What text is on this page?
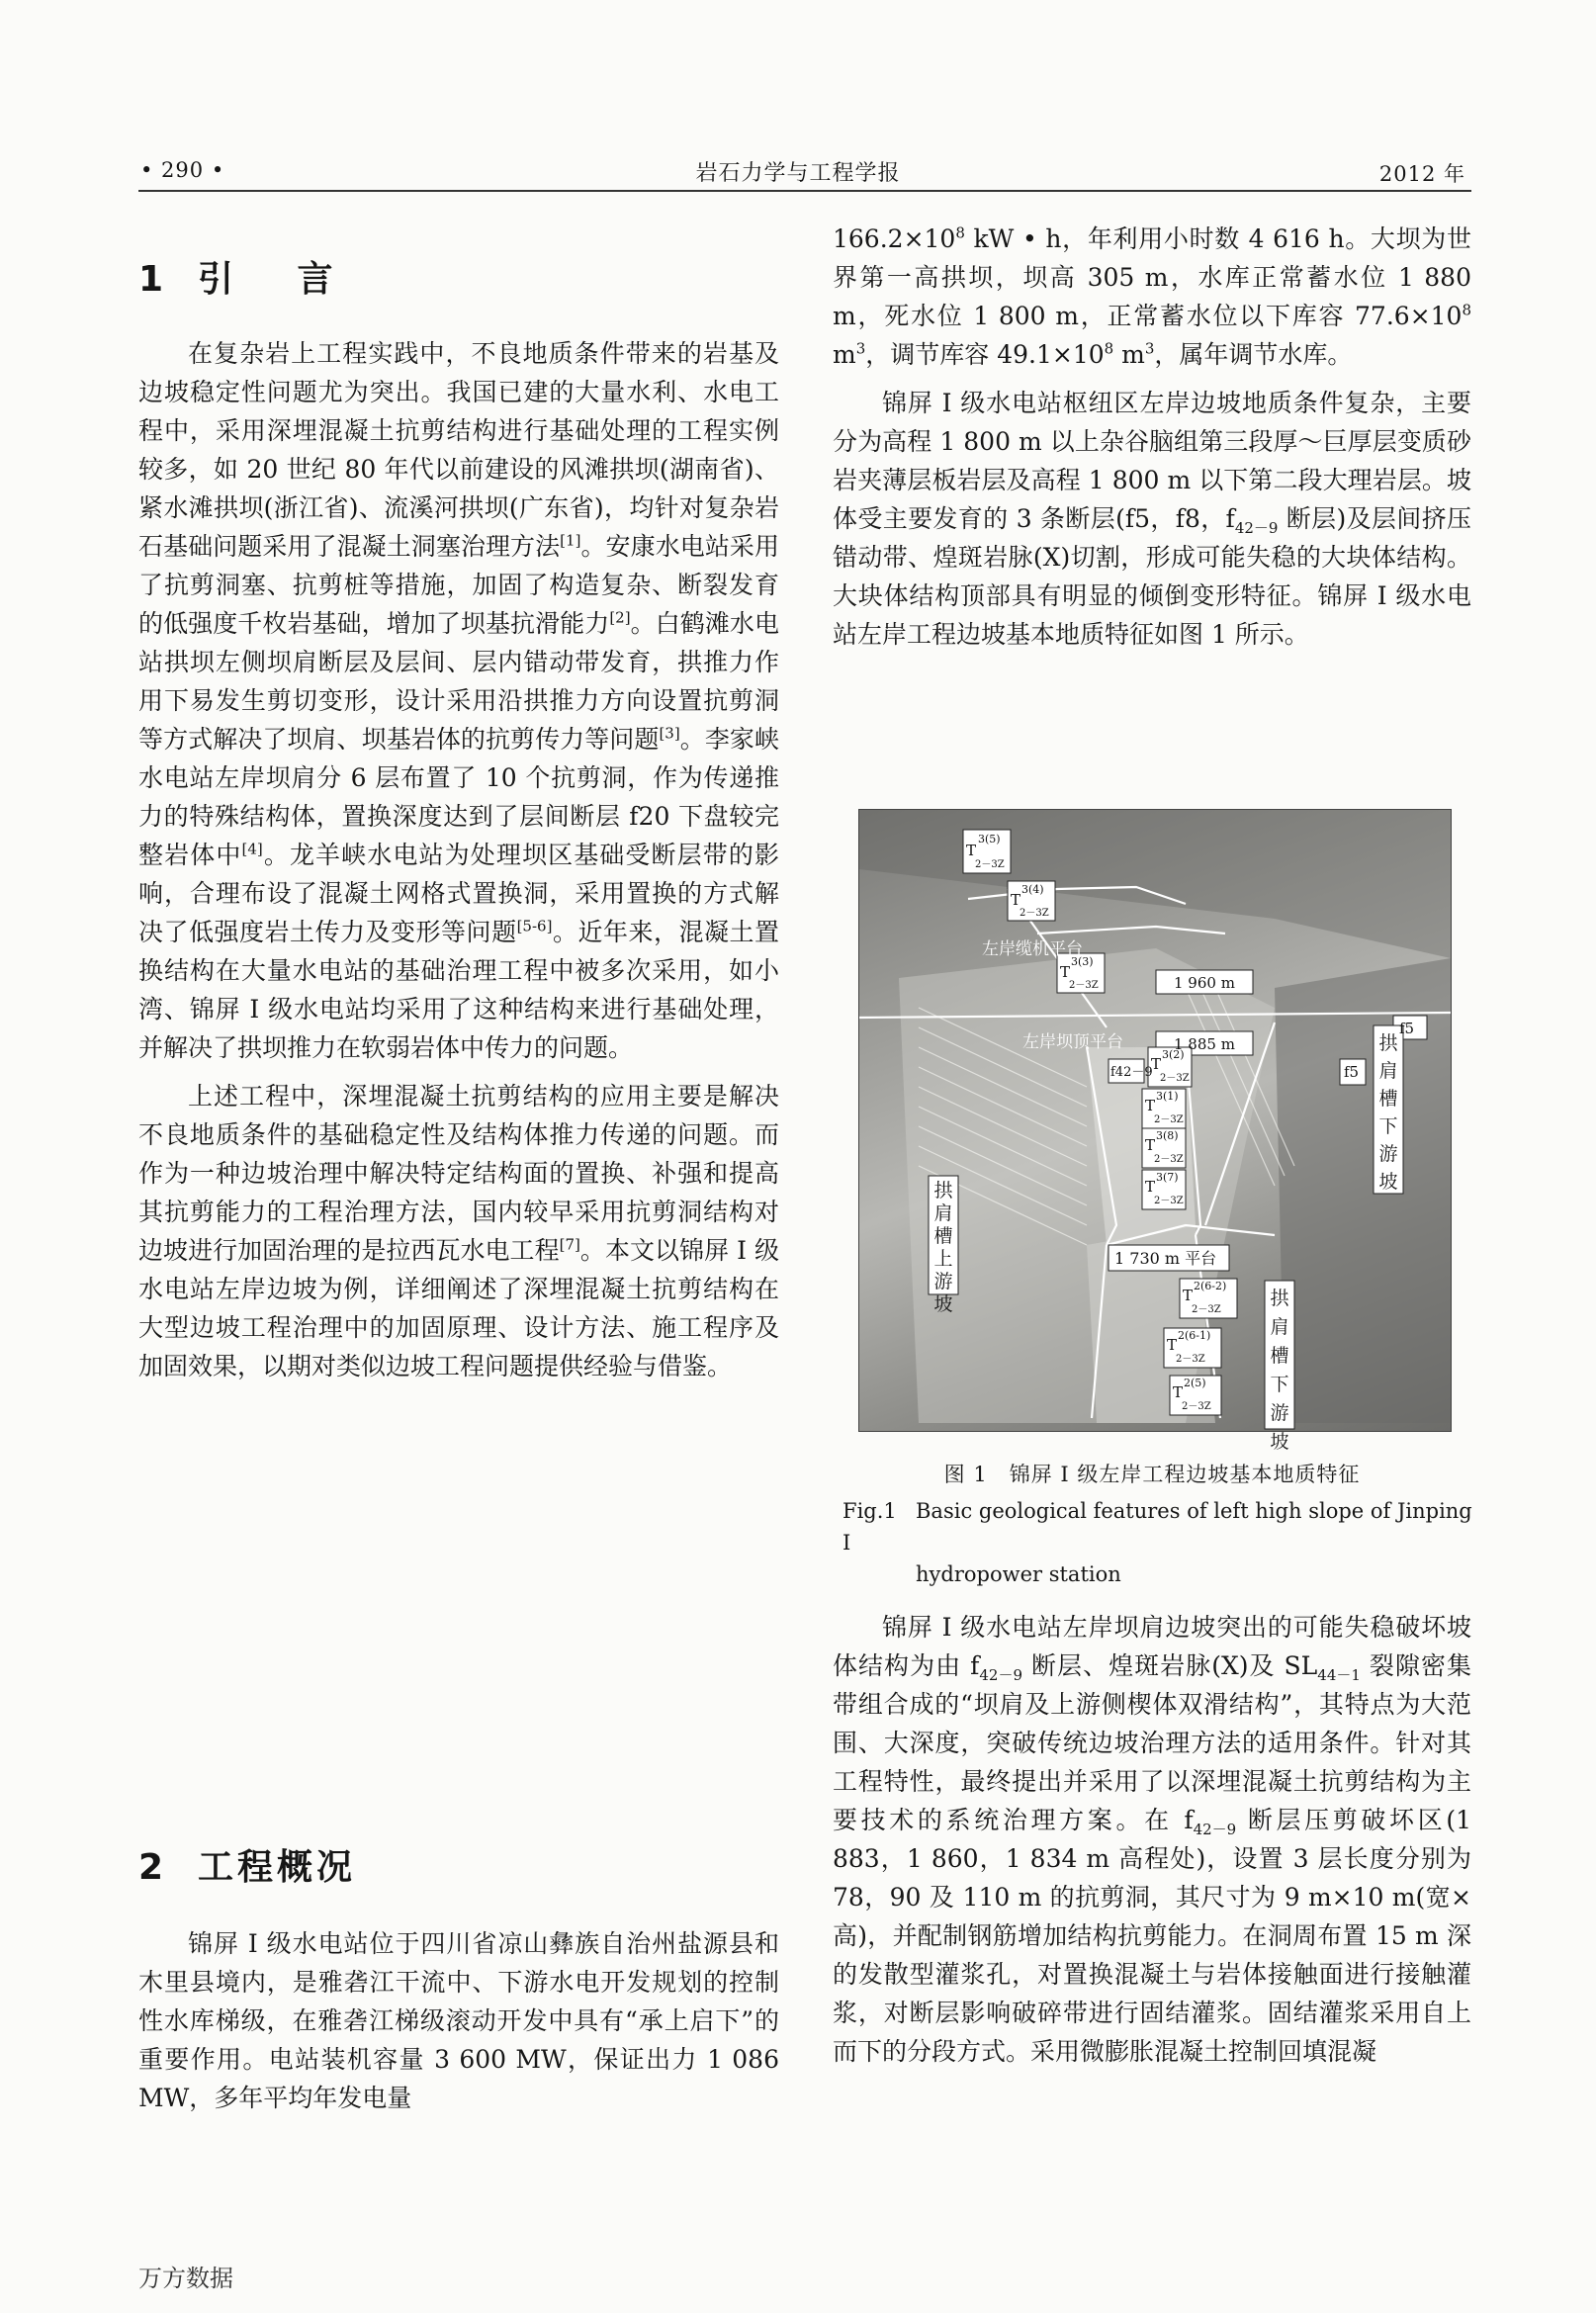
• 290 •	岩石力学与工程学报	2012 年
1 引 言

在复杂岩上工程实践中，不良地质条件带来的岩基及边坡稳定性问题尤为突出。我国已建的大量水利、水电工程中，采用深埋混凝土抗剪结构进行基础处理的工程实例较多，如 20 世纪 80 年代以前建设的风滩拱坝(湖南省)、紧水滩拱坝(浙江省)、流溪河拱坝(广东省)，均针对复杂岩石基础问题采用了混凝土洞塞治理方法[1]。安康水电站采用了抗剪洞塞、抗剪桩等措施，加固了构造复杂、断裂发育的低强度千枚岩基础，增加了坝基抗滑能力[2]。白鹤滩水电站拱坝左侧坝肩断层及层间、层内错动带发育，拱推力作用下易发生剪切变形，设计采用沿拱推力方向设置抗剪洞等方式解决了坝肩、坝基岩体的抗剪传力等问题[3]。李家峡水电站左岸坝肩分 6 层布置了 10 个抗剪洞，作为传递推力的特殊结构体，置换深度达到了层间断层 f20 下盘较完整岩体中[4]。龙羊峡水电站为处理坝区基础受断层带的影响，合理布设了混凝土网格式置换洞，采用置换的方式解决了低强度岩土传力及变形等问题[5-6]。近年来，混凝土置换结构在大量水电站的基础治理工程中被多次采用，如小湾、锦屏 I 级水电站均采用了这种结构来进行基础处理，并解决了拱坝推力在软弱岩体中传力的问题。

上述工程中，深埋混凝土抗剪结构的应用主要是解决不良地质条件的基础稳定性及结构体推力传递的问题。而作为一种边坡治理中解决特定结构面的置换、补强和提高其抗剪能力的工程治理方法，国内较早采用抗剪洞结构对边坡进行加固治理的是拉西瓦水电工程[7]。本文以锦屏 I 级水电站左岸边坡为例，详细阐述了深埋混凝土抗剪结构在大型边坡工程治理中的加固原理、设计方法、施工程序及加固效果，以期对类似边坡工程问题提供经验与借鉴。

2 工程概况

锦屏 I 级水电站位于四川省凉山彝族自治州盐源县和木里县境内，是雅砻江干流中、下游水电开发规划的控制性水库梯级，在雅砻江梯级滚动开发中具有“承上启下”的重要作用。电站装机容量 3 600 MW，保证出力 1 086 MW，多年平均年发电量

$166.2\times 10^8$ kW • h，年利用小时数 4 616 h。大坝为世界第一高拱坝，坝高 305 m，水库正常蓄水位 1 880 m，死水位 1 800 m，正常蓄水位以下库容 $77.6\times 10^8$ $m^3$，调节库容 $49.1\times 10^8$ $m^3$，属年调节水库。

锦屏 I 级水电站枢纽区左岸边坡地质条件复杂，主要分为高程 1 800 m 以上杂谷脑组第三段厚～巨厚层变质砂岩夹薄层板岩层及高程 1 800 m 以下第二段大理岩层。坡体受主要发育的 3 条断层(f5，f8，$f_{42-9}$ 断层)及层间挤压错动带、煌斑岩脉(X)切割，形成可能失稳的大块体结构。大块体结构顶部具有明显的倾倒变形特征。锦屏 I 级水电站左岸工程边坡基本地质特征如图 1 所示。

T
3(5)
2－3Z
T
3(4)
2－3Z
左岸缆机平台
1 960 m
T
3(3)
2－3Z
左岸坝顶平台	1 885 m
f5
f5
f42－9
T
3(2)
2－3Z
T
3(1)
2－3Z
T
3(8)
2－3Z
T
3(7)
2－3Z
1 730 m 平台
T
2(6-2)
2－3Z
T
2(6-1)
2－3Z
T
2(5)
2－3Z
拱肩槽下游坡
拱肩槽上游坡	拱肩槽下游坡
图 1　锦屏 I 级左岸工程边坡基本地质特征
Fig.1 Basic geological features of left high slope of Jinping I
hydropower station

锦屏 I 级水电站左岸坝肩边坡突出的可能失稳破坏坡体结构为由 $f_{42-9}$ 断层、煌斑岩脉(X)及 $SL_{44-1}$ 裂隙密集带组合成的“坝肩及上游侧楔体双滑结构”，其特点为大范围、大深度，突破传统边坡治理方法的适用条件。针对其工程特性，最终提出并采用了以深埋混凝土抗剪结构为主要技术的系统治理方案。在 $f_{42-9}$ 断层压剪破坏区(1 883，1 860，1 834 m 高程处)，设置 3 层长度分别为 78，90 及 110 m 的抗剪洞，其尺寸为 9 m×10 m(宽×高)，并配制钢筋增加结构抗剪能力。在洞周布置 15 m 深的发散型灌浆孔，对置换混凝土与岩体接触面进行接触灌浆，对断层影响破碎带进行固结灌浆。固结灌浆采用自上而下的分段方式。采用微膨胀混凝土控制回填混凝

万方数据
